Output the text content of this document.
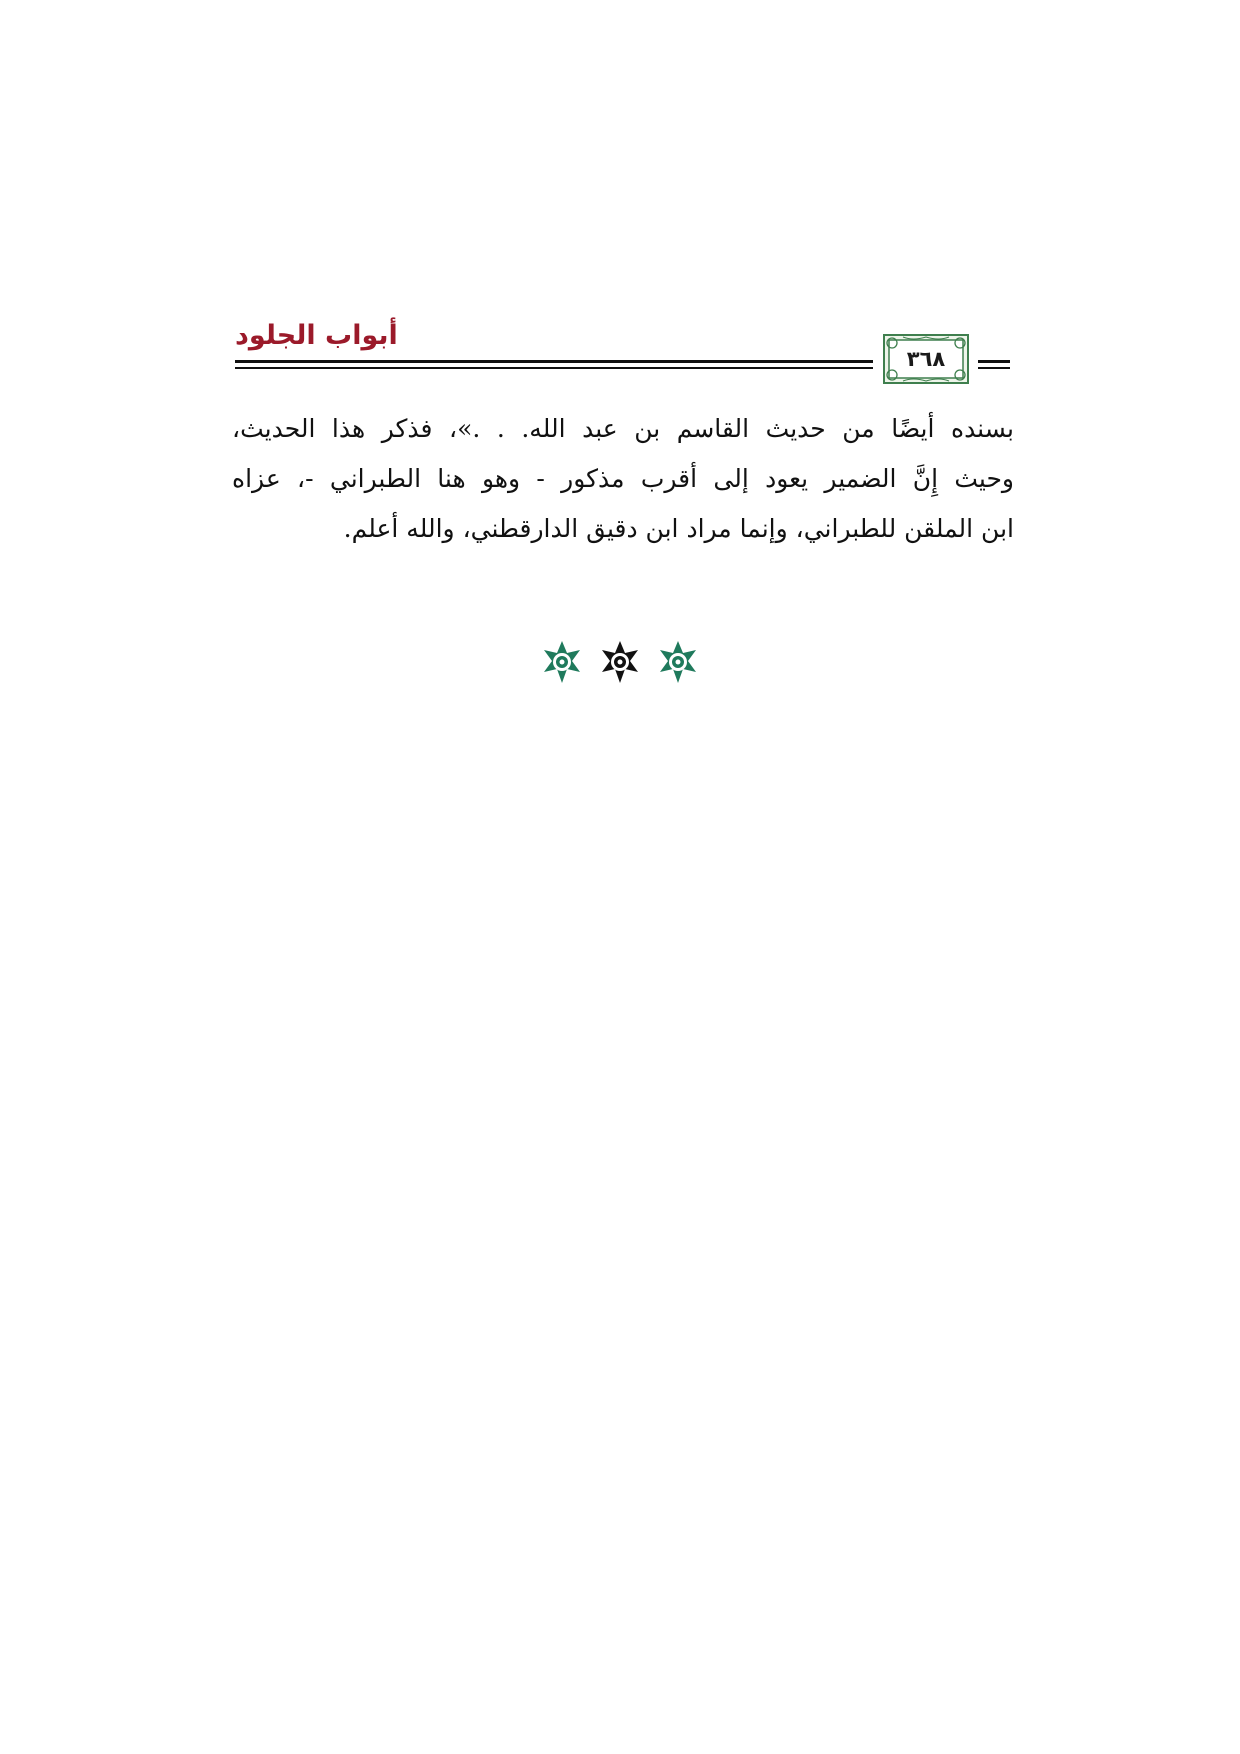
أبواب الجلود
٣٦٨
بسنده أيضًا من حديث القاسم بن عبد الله. . .»، فذكر هذا الحديث،
وحيث إِنَّ الضمير يعود إلى أقرب مذكور - وهو هنا الطبراني -، عزاه
ابن الملقن للطبراني، وإنما مراد ابن دقيق الدارقطني، والله أعلم.
